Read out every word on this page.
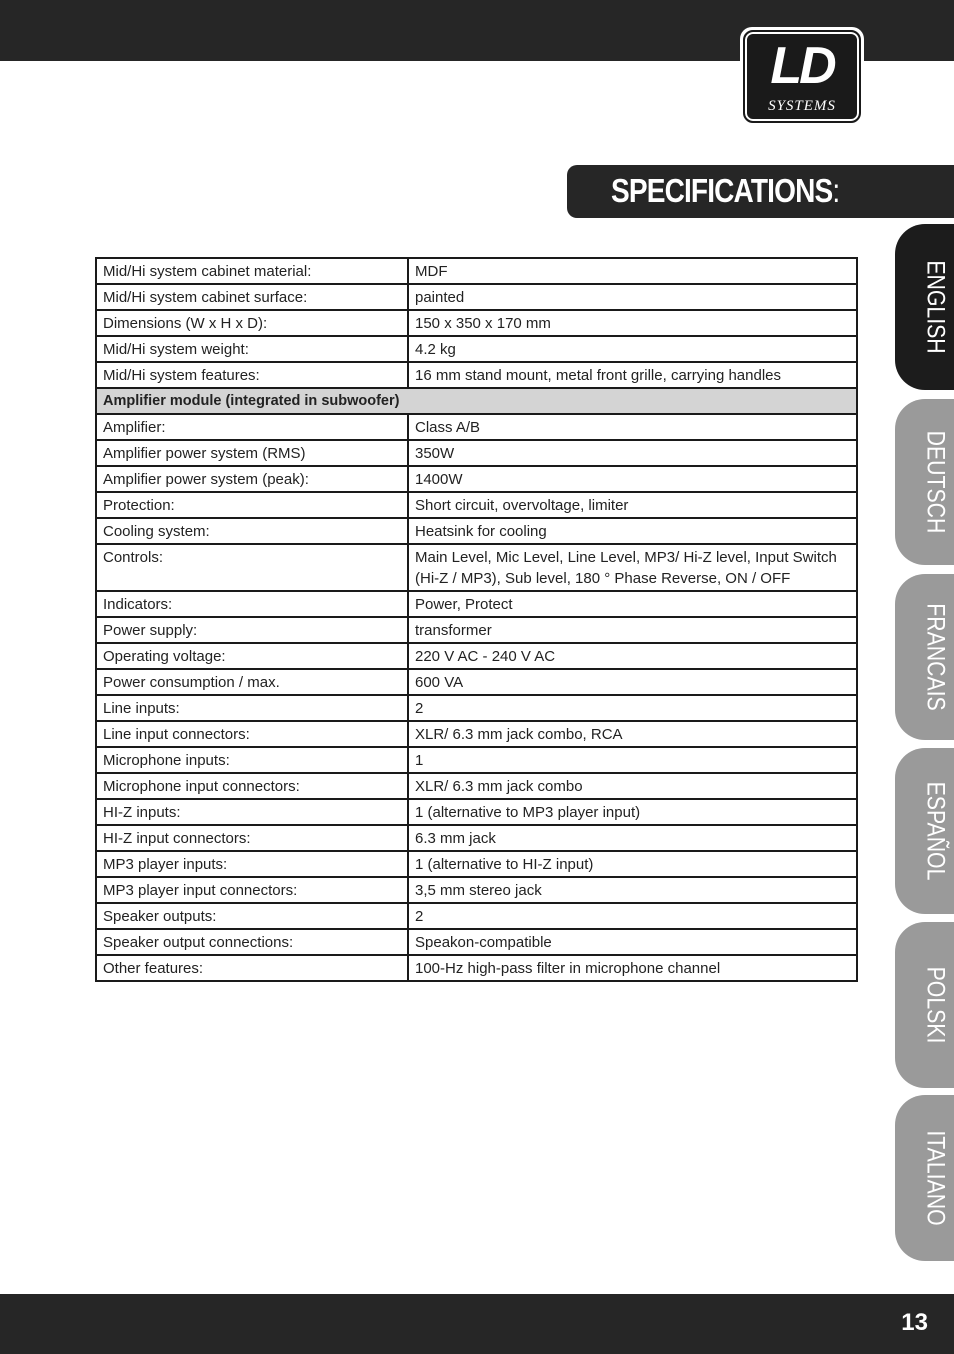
LD
SYSTEMS
SPECIFICATIONS:
Mid/Hi system cabinet material:	MDF
Mid/Hi system cabinet surface:	painted
Dimensions (W x H x D):	150 x 350 x 170 mm
Mid/Hi system weight:	4.2 kg
Mid/Hi system features:	16 mm stand mount, metal front grille, carrying handles
Amplifier module (integrated in subwoofer)	
Amplifier:	Class A/B
Amplifier power system (RMS)	350W
Amplifier power system (peak):	1400W
Protection:	Short circuit, overvoltage, limiter
Cooling system:	Heatsink for cooling
Controls:	Main Level, Mic Level, Line Level, MP3/ Hi-Z level, Input Switch (Hi-Z / MP3), Sub level, 180 ° Phase Reverse, ON / OFF
Indicators:	Power, Protect
Power supply:	transformer
Operating voltage:	220 V AC - 240 V AC
Power consumption / max.	600 VA
Line inputs:	2
Line input connectors:	XLR/ 6.3 mm jack combo, RCA
Microphone inputs:	1
Microphone input connectors:	XLR/ 6.3 mm jack combo
HI-Z inputs:	1 (alternative to MP3 player input)
HI-Z input connectors:	6.3 mm jack
MP3 player inputs:	1 (alternative to HI-Z input)
MP3 player input connectors:	3,5 mm stereo jack
Speaker outputs:	2
Speaker output connections:	Speakon-compatible
Other features:	100-Hz high-pass filter in microphone channel
ENGLISH
DEUTSCH
FRANCAIS
ESPAÑOL
POLSKI
ITALIANO
13
